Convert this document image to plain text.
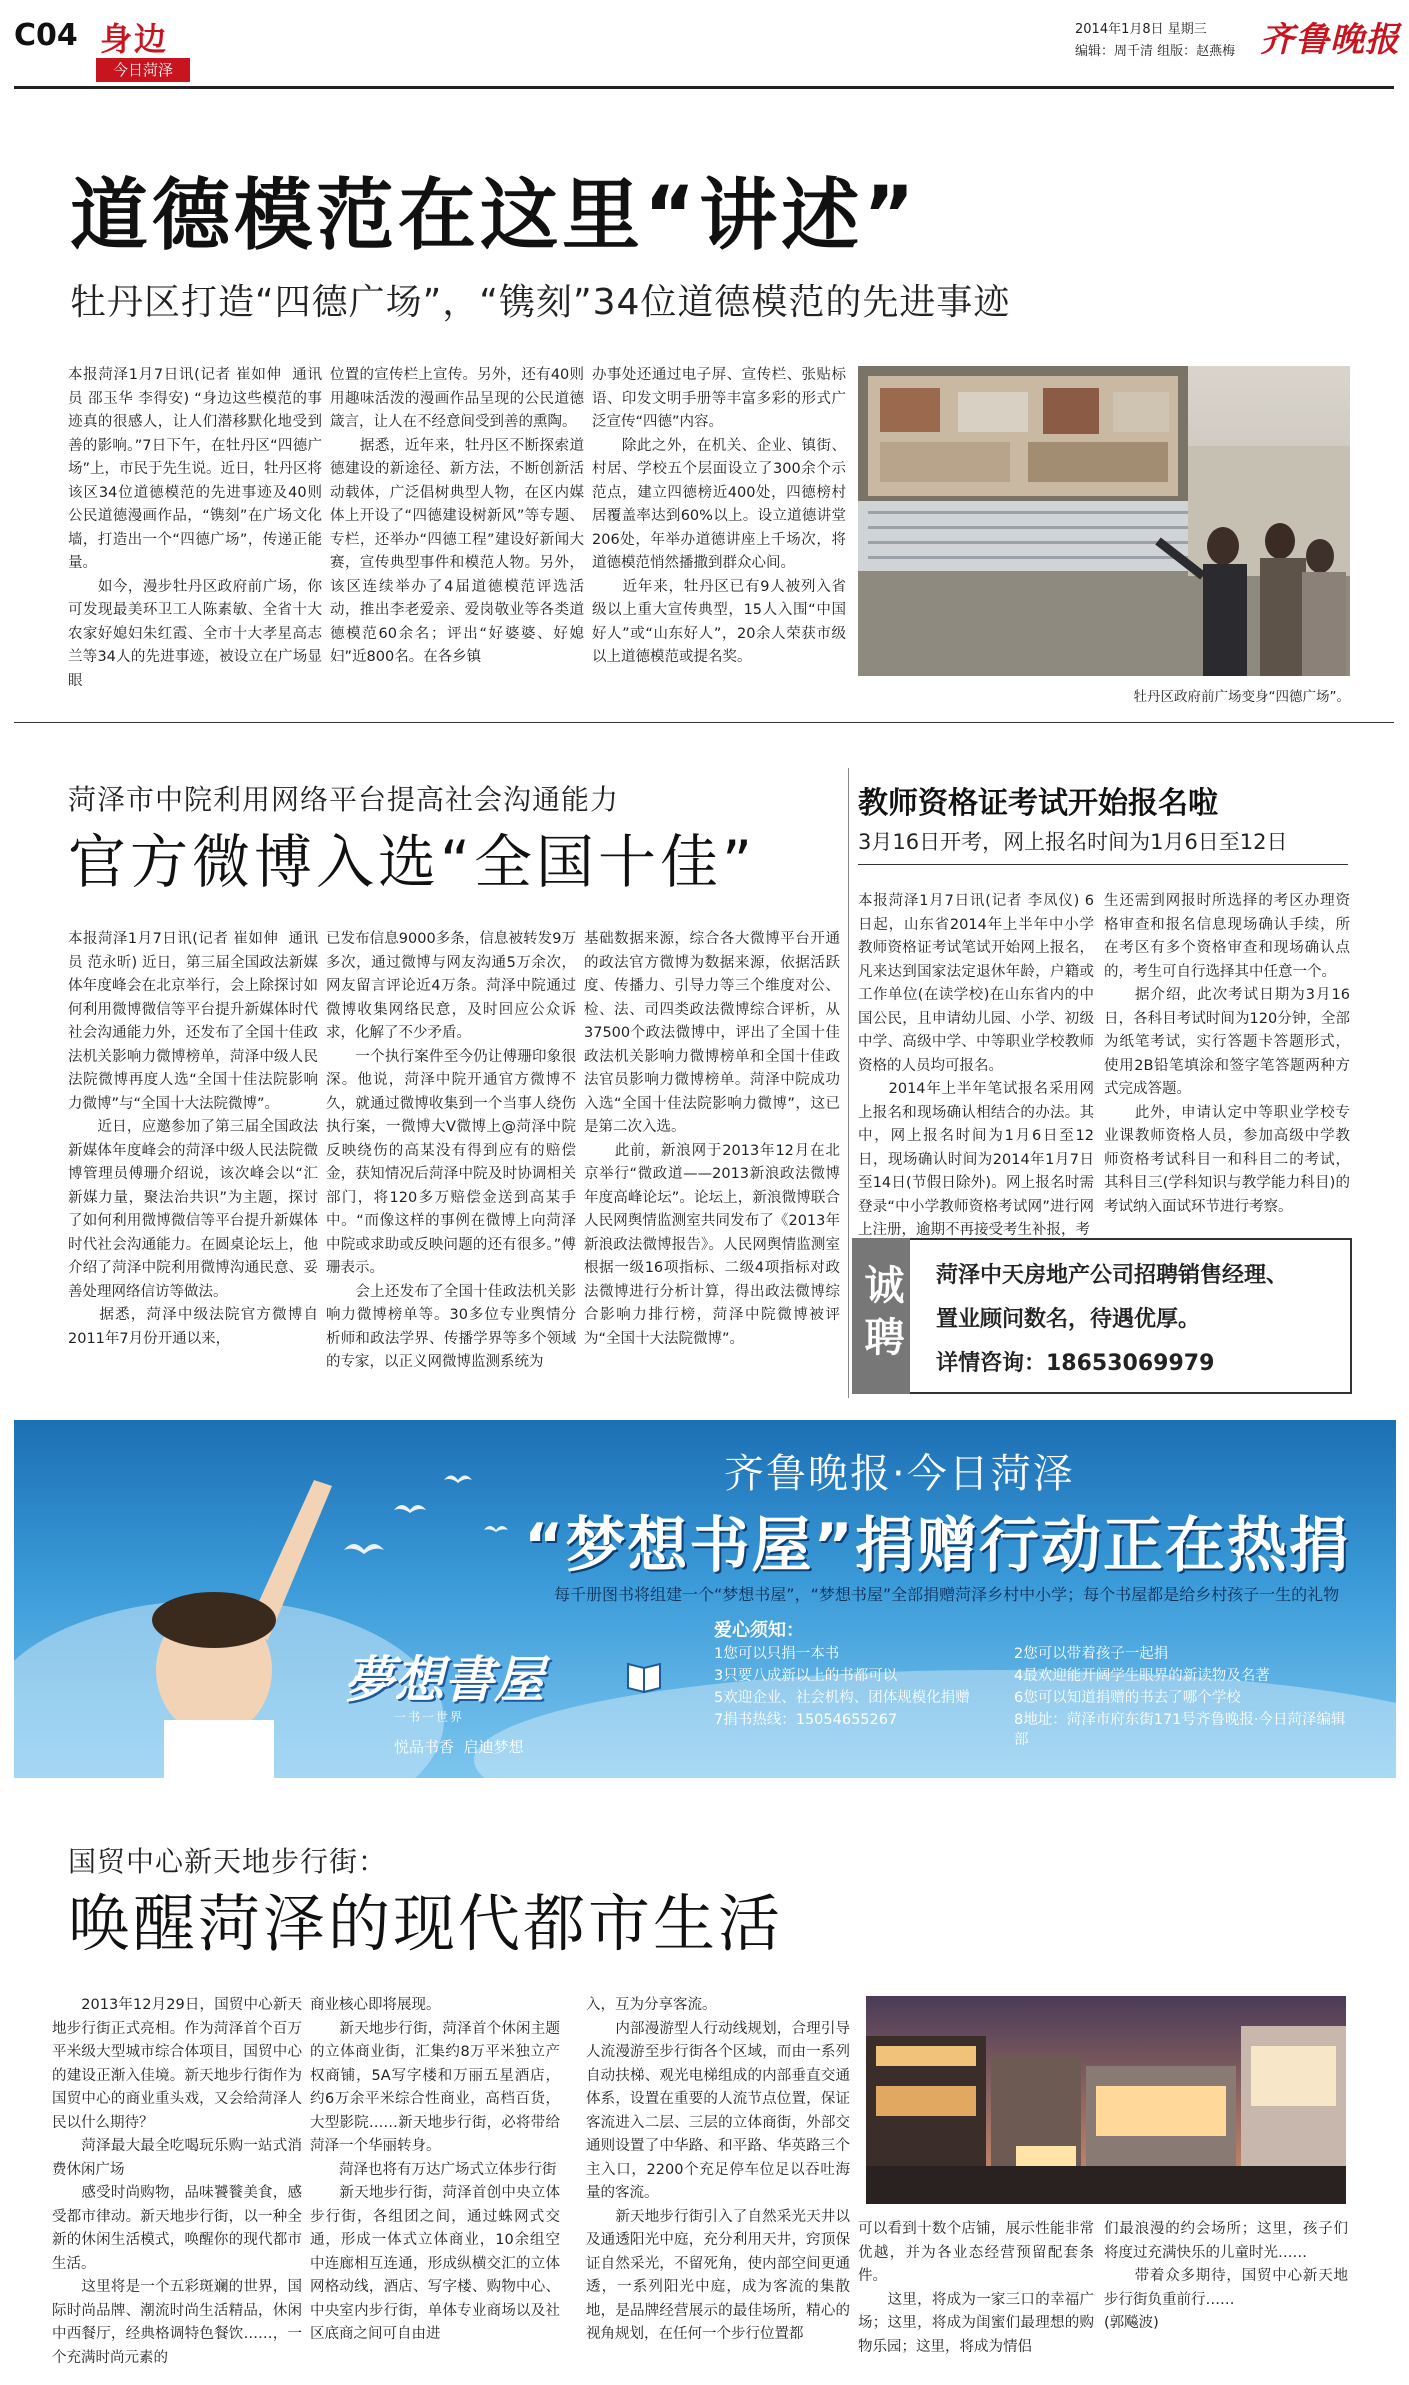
C04 身边
今日菏泽
2014年1月8日 星期三
编辑：周千清 组版：赵燕梅 齐鲁晚报
道德模范在这里“讲述”
牡丹区打造“四德广场”，“镌刻”34位道德模范的先进事迹
本报菏泽1月7日讯(记者 崔如伸  通讯员 邵玉华 李得安) “身边这些模范的事迹真的很感人，让人们潜移默化地受到善的影响。”7日下午，在牡丹区“四德广场”上，市民于先生说。近日，牡丹区将该区34位道德模范的先进事迹及40则公民道德漫画作品，“镌刻”在广场文化墙，打造出一个“四德广场”，传递正能量。
　　如今，漫步牡丹区政府前广场，你可发现最美环卫工人陈素敏、全省十大农家好媳妇朱红霞、全市十大孝星高志兰等34人的先进事迹，被设立在广场显眼
位置的宣传栏上宣传。另外，还有40则用趣味活泼的漫画作品呈现的公民道德箴言，让人在不经意间受到善的熏陶。
　　据悉，近年来，牡丹区不断探索道德建设的新途径、新方法，不断创新活动载体，广泛倡树典型人物，在区内媒体上开设了“四德建设树新风”等专题、专栏，还举办“四德工程”建设好新闻大赛，宣传典型事件和模范人物。另外，该区连续举办了4届道德模范评选活动，推出李老爱亲、爱岗敬业等各类道德模范60余名；评出“好婆婆、好媳妇”近800名。在各乡镇
办事处还通过电子屏、宣传栏、张贴标语、印发文明手册等丰富多彩的形式广泛宣传“四德”内容。
　　除此之外，在机关、企业、镇街、村居、学校五个层面设立了300余个示范点，建立四德榜近400处，四德榜村居覆盖率达到60%以上。设立道德讲堂206处，年举办道德讲座上千场次，将道德模范悄然播撒到群众心间。
　　近年来，牡丹区已有9人被列入省级以上重大宣传典型，15人入围“中国好人”或“山东好人”，20余人荣获市级以上道德模范或提名奖。
牡丹区政府前广场变身“四德广场”。
菏泽市中院利用网络平台提高社会沟通能力
官方微博入选“全国十佳”
本报菏泽1月7日讯(记者 崔如伸  通讯员 范永昕) 近日，第三届全国政法新媒体年度峰会在北京举行，会上除探讨如何利用微博微信等平台提升新媒体时代社会沟通能力外，还发布了全国十佳政法机关影响力微博榜单，菏泽中级人民法院微博再度人选“全国十佳法院影响力微博”与“全国十大法院微博”。
　　近日，应邀参加了第三届全国政法新媒体年度峰会的菏泽中级人民法院微博管理员傅珊介绍说，该次峰会以“汇新媒力量，聚法治共识”为主题，探讨了如何利用微博微信等平台提升新媒体时代社会沟通能力。在圆桌论坛上，他介绍了菏泽中院利用微博沟通民意、妥善处理网络信访等做法。
　　据悉，菏泽中级法院官方微博自2011年7月份开通以来，
已发布信息9000多条，信息被转发9万多次，通过微博与网友沟通5万余次，网友留言评论近4万条。菏泽中院通过微博收集网络民意，及时回应公众诉求，化解了不少矛盾。
　　一个执行案件至今仍让傅珊印象很深。他说，菏泽中院开通官方微博不久，就通过微博收集到一个当事人绕伤执行案，一微博大V微博上@菏泽中院反映绕伤的高某没有得到应有的赔偿金，获知情况后菏泽中院及时协调相关部门，将120多万赔偿金送到高某手中。“而像这样的事例在微博上向菏泽中院或求助或反映问题的还有很多。”傅珊表示。
　　会上还发布了全国十佳政法机关影响力微博榜单等。30多位专业舆情分析师和政法学界、传播学界等多个领域的专家，以正义网微博监测系统为
基础数据来源，综合各大微博平台开通的政法官方微博为数据来源，依据活跃度、传播力、引导力等三个维度对公、检、法、司四类政法微博综合评析，从37500个政法微博中，评出了全国十佳政法机关影响力微博榜单和全国十佳政法官员影响力微博榜单。菏泽中院成功入选“全国十佳法院影响力微博”，这已是第二次入选。
　　此前，新浪网于2013年12月在北京举行“微政道——2013新浪政法微博年度高峰论坛”。论坛上，新浪微博联合人民网舆情监测室共同发布了《2013年新浪政法微博报告》。人民网舆情监测室根据一级16项指标、二级4项指标对政法微博进行分析计算，得出政法微博综合影响力排行榜，菏泽中院微博被评为“全国十大法院微博”。
教师资格证考试开始报名啦
3月16日开考，网上报名时间为1月6日至12日
本报菏泽1月7日讯(记者 李凤仪) 6日起，山东省2014年上半年中小学教师资格证考试笔试开始网上报名，凡来达到国家法定退休年龄，户籍或工作单位(在读学校)在山东省内的中国公民，且申请幼儿园、小学、初级中学、高级中学、中等职业学校教师资格的人员均可报名。
　　2014年上半年笔试报名采用网上报名和现场确认相结合的办法。其中，网上报名时间为1月6日至12日，现场确认时间为2014年1月7日至14日(节假日除外)。网上报名时需登录“中小学教师资格考试网”进行网上注册，逾期不再接受考生补报，考
生还需到网报时所选择的考区办理资格审查和报名信息现场确认手续，所在考区有多个资格审查和现场确认点的，考生可自行选择其中任意一个。
　　据介绍，此次考试日期为3月16日，各科目考试时间为120分钟，全部为纸笔考试，实行答题卡答题形式，使用2B铅笔填涂和签字笔答题两种方式完成答题。
　　此外，申请认定中等职业学校专业课教师资格人员，参加高级中学教师资格考试科目一和科目二的考试，其科目三(学科知识与教学能力科目)的考试纳入面试环节进行考察。
诚聘 菏泽中天房地产公司招聘销售经理、
置业顾问数名，待遇优厚。
详情咨询：18653069979
齐鲁晚报·今日菏泽
“梦想书屋”捐赠行动正在热捐
每千册图书将组建一个“梦想书屋”，“梦想书屋”全部捐赠菏泽乡村中小学；每个书屋都是给乡村孩子一生的礼物
爱心须知：
1您可以只捐一本书	2您可以带着孩子一起捐
3只要八成新以上的书都可以	4最欢迎能开阔学生眼界的新读物及名著
5欢迎企业、社会机构、团体规模化捐赠	6您可以知道捐赠的书去了哪个学校
7捐书热线：15054655267	8地址：菏泽市府东街171号齐鲁晚报·今日菏泽编辑部
夢想書屋
一书一世界
悦品书香  启迪梦想
国贸中心新天地步行街：
唤醒菏泽的现代都市生活
　　2013年12月29日，国贸中心新天地步行街正式亮相。作为菏泽首个百万平米级大型城市综合体项目，国贸中心的建设正渐入佳境。新天地步行街作为国贸中心的商业重头戏，又会给菏泽人民以什么期待？
　　菏泽最大最全吃喝玩乐购一站式消费休闲广场
　　感受时尚购物，品味饕餮美食，感受都市律动。新天地步行街，以一种全新的休闲生活模式，唤醒你的现代都市生活。
　　这里将是一个五彩斑斓的世界，国际时尚品牌、潮流时尚生活精品，休闲中西餐厅，经典格调特色餐饮……，一个充满时尚元素的
商业核心即将展现。
　　新天地步行街，菏泽首个休闲主题的立体商业街，汇集约8万平米独立产权商铺，5A写字楼和万丽五星酒店，约6万余平米综合性商业，高档百货，大型影院……新天地步行街，必将带给菏泽一个华丽转身。
　　菏泽也将有万达广场式立体步行街
　　新天地步行街，菏泽首创中央立体步行街，各组团之间，通过蛛网式交通，形成一体式立体商业，10余组空中连廊相互连通，形成纵横交汇的立体网格动线，酒店、写字楼、购物中心、中央室内步行街，单体专业商场以及社区底商之间可自由进
入，互为分享客流。
　　内部漫游型人行动线规划，合理引导人流漫游至步行街各个区域，而由一系列自动扶梯、观光电梯组成的内部垂直交通体系，设置在重要的人流节点位置，保证客流进入二层、三层的立体商街，外部交通则设置了中华路、和平路、华英路三个主入口，2200个充足停车位足以吞吐海量的客流。
　　新天地步行街引入了自然采光天井以及通透阳光中庭，充分利用天井，窍顶保证自然采光，不留死角，使内部空间更通透，一系列阳光中庭，成为客流的集散地，是品牌经营展示的最佳场所，精心的视角规划，在任何一个步行位置都
可以看到十数个店铺，展示性能非常优越，并为各业态经营预留配套条件。
　　这里，将成为一家三口的幸福广场；这里，将成为闺蜜们最理想的购物乐园；这里，将成为情侣
们最浪漫的约会场所；这里，孩子们将度过充满快乐的儿童时光……
　　带着众多期待，国贸中心新天地步行街负重前行……
(郭飚波)
